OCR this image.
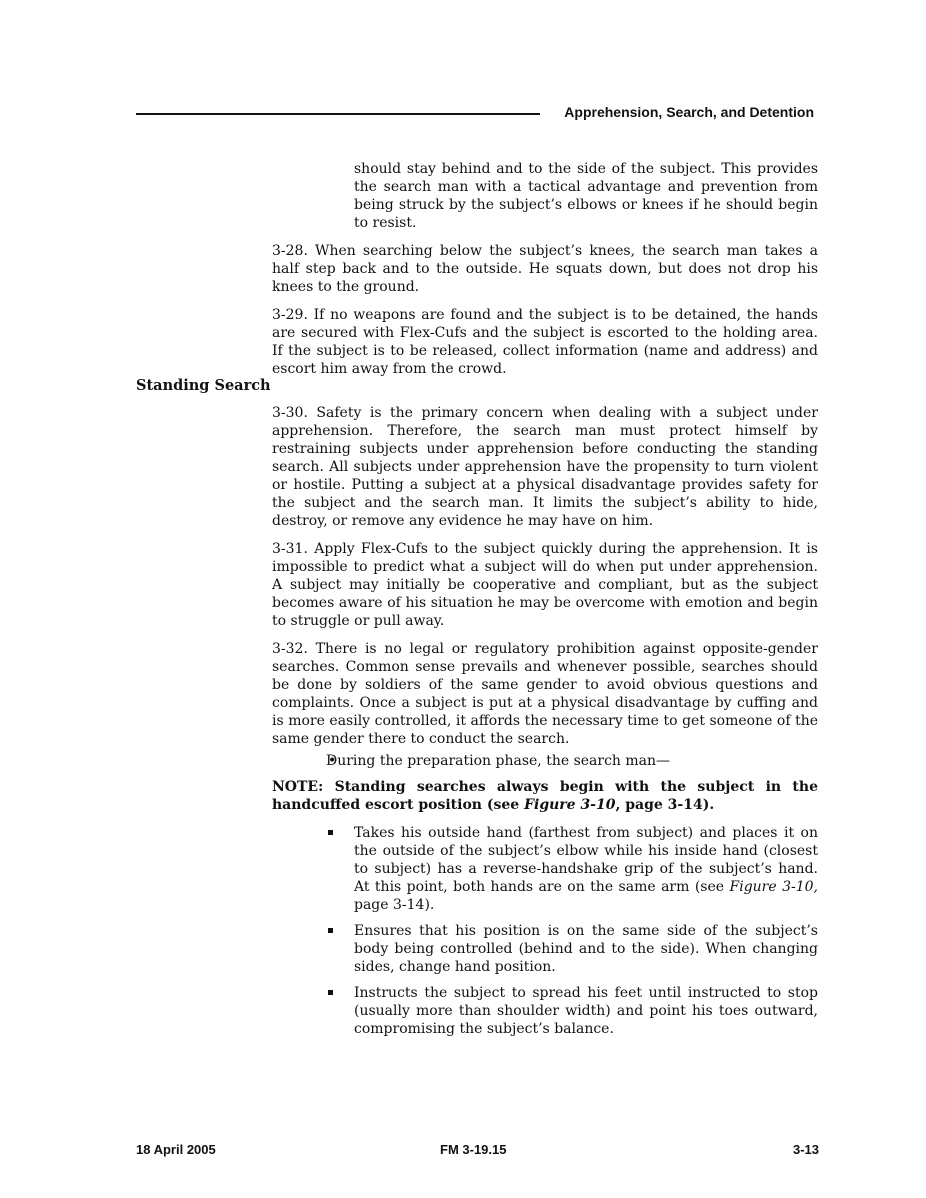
Apprehension, Search, and Detention

should stay behind and to the side of the subject. This provides the search man with a tactical advantage and prevention from being struck by the subject’s elbows or knees if he should begin to resist.

3-28. When searching below the subject’s knees, the search man takes a half step back and to the outside. He squats down, but does not drop his knees to the ground.

3-29. If no weapons are found and the subject is to be detained, the hands are secured with Flex-Cufs and the subject is escorted to the holding area. If the subject is to be released, collect information (name and address) and escort him away from the crowd.

Standing Search

3-30. Safety is the primary concern when dealing with a subject under apprehension. Therefore, the search man must protect himself by restraining subjects under apprehension before conducting the standing search. All subjects under apprehension have the propensity to turn violent or hostile. Putting a subject at a physical disadvantage provides safety for the subject and the search man. It limits the subject’s ability to hide, destroy, or remove any evidence he may have on him.

3-31. Apply Flex-Cufs to the subject quickly during the apprehension. It is impossible to predict what a subject will do when put under apprehension. A subject may initially be cooperative and compliant, but as the subject becomes aware of his situation he may be overcome with emotion and begin to struggle or pull away.

3-32. There is no legal or regulatory prohibition against opposite-gender searches. Common sense prevails and whenever possible, searches should be done by soldiers of the same gender to avoid obvious questions and complaints. Once a subject is put at a physical disadvantage by cuffing and is more easily controlled, it affords the necessary time to get someone of the same gender there to conduct the search.

• During the preparation phase, the search man—

NOTE: Standing searches always begin with the subject in the handcuffed escort position (see Figure 3-10, page 3-14).

Takes his outside hand (farthest from subject) and places it on the outside of the subject’s elbow while his inside hand (closest to subject) has a reverse-handshake grip of the subject’s hand. At this point, both hands are on the same arm (see Figure 3-10, page 3-14).
Ensures that his position is on the same side of the subject’s body being controlled (behind and to the side). When changing sides, change hand position.
Instructs the subject to spread his feet until instructed to stop (usually more than shoulder width) and point his toes outward, compromising the subject’s balance.
18 April 2005	FM 3-19.15	3-13
